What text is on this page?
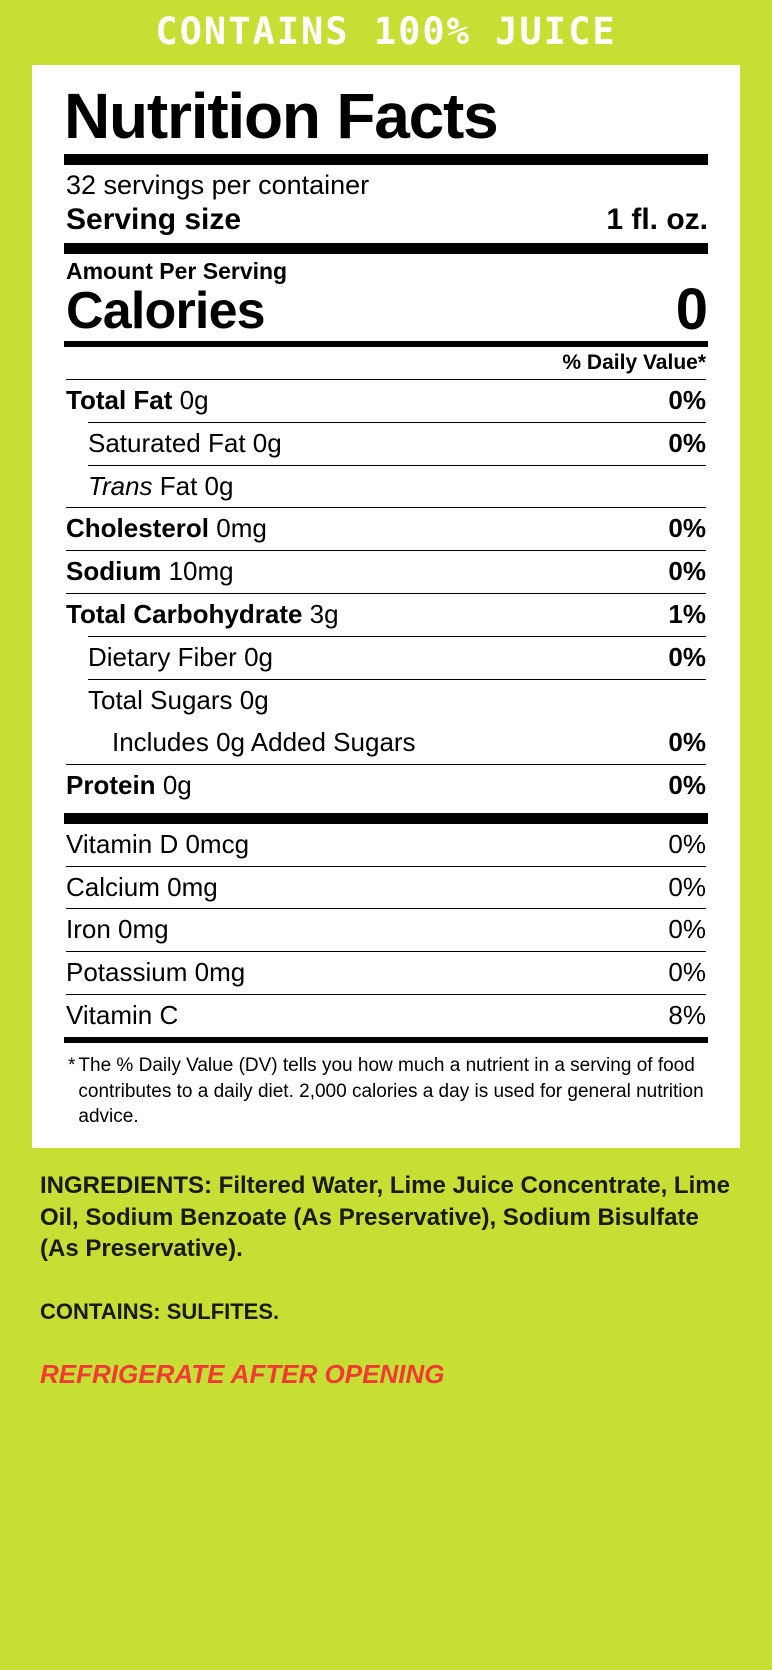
CONTAINS 100% JUICE
Nutrition Facts
32 servings per container
Serving size	1 fl. oz.
Amount Per Serving
Calories	0
% Daily Value*
Total Fat 0g	0%
Saturated Fat 0g	0%
Trans Fat 0g
Cholesterol 0mg	0%
Sodium 10mg	0%
Total Carbohydrate 3g	1%
Dietary Fiber 0g	0%
Total Sugars 0g
Includes 0g Added Sugars	0%
Protein 0g	0%
Vitamin D 0mcg	0%
Calcium 0mg	0%
Iron 0mg	0%
Potassium 0mg	0%
Vitamin C	8%
* The % Daily Value (DV) tells you how much a nutrient in a serving of food contributes to a daily diet. 2,000 calories a day is used for general nutrition advice.
INGREDIENTS: Filtered Water, Lime Juice Concentrate, Lime Oil, Sodium Benzoate (As Preservative), Sodium Bisulfate (As Preservative).
CONTAINS: SULFITES.
REFRIGERATE AFTER OPENING
